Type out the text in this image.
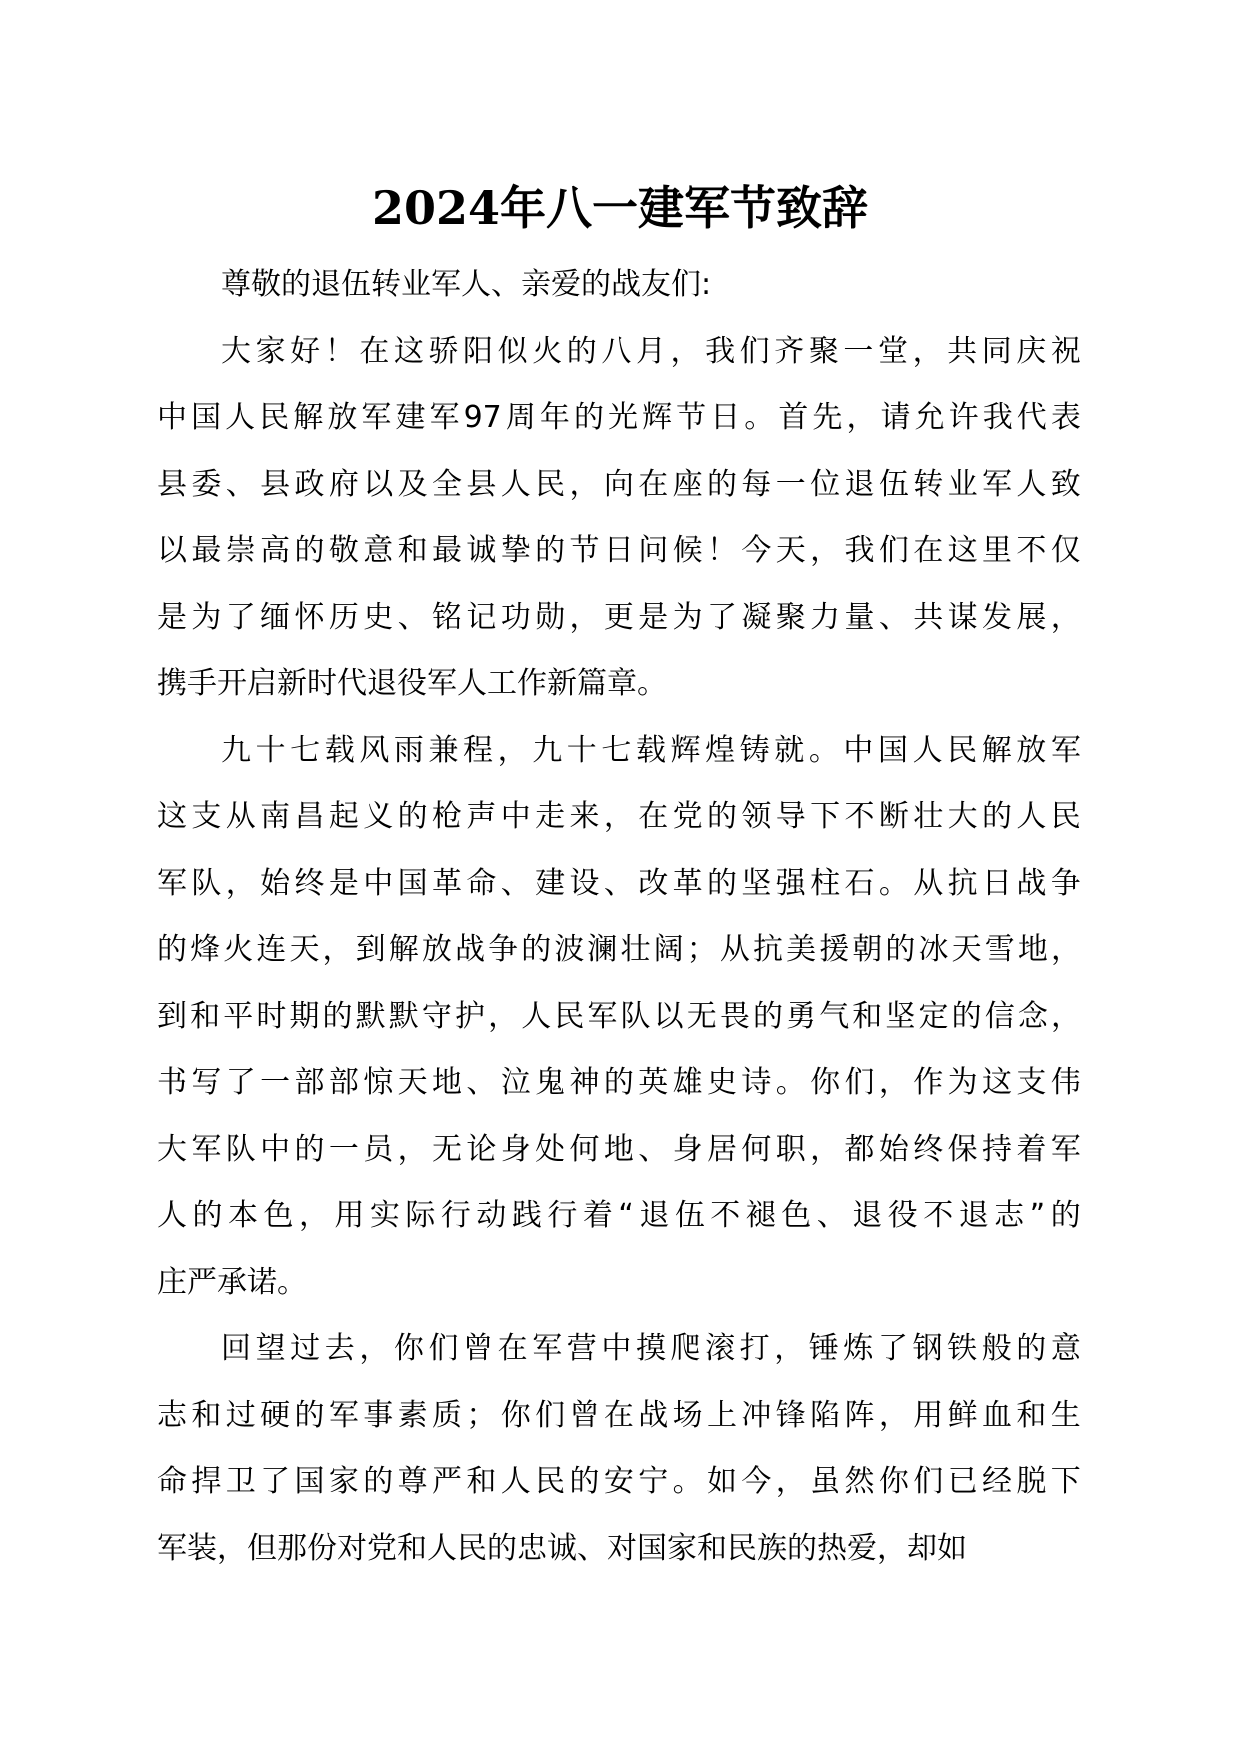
2024年八一建军节致辞
尊敬的退伍转业军人、亲爱的战友们:
大 家 好 ！ 在 这 骄 阳 似 火 的 八 月 ， 我 们 齐 聚 一 堂 ， 共 同 庆 祝
中 国 人 民 解 放 军 建 军 97 周 年 的 光 辉 节 日 。 首 先 ， 请 允 许 我 代 表
县 委 、 县 政 府 以 及 全 县 人 民 ， 向 在 座 的 每 一 位 退 伍 转 业 军 人 致
以 最 崇 高 的 敬 意 和 最 诚 挚 的 节 日 问 候 ！ 今 天 ， 我 们 在 这 里 不 仅
是 为 了 缅 怀 历 史 、 铭 记 功 勋 ， 更 是 为 了 凝 聚 力 量 、 共 谋 发 展 ，
携手开启新时代退役军人工作新篇章。
九 十 七 载 风 雨 兼 程 ， 九 十 七 载 辉 煌 铸 就 。 中 国 人 民 解 放 军
这 支 从 南 昌 起 义 的 枪 声 中 走 来 ， 在 党 的 领 导 下 不 断 壮 大 的 人 民
军 队 ， 始 终 是 中 国 革 命 、 建 设 、 改 革 的 坚 强 柱 石 。 从 抗 日 战 争
的 烽 火 连 天 ， 到 解 放 战 争 的 波 澜 壮 阔 ； 从 抗 美 援 朝 的 冰 天 雪 地 ，
到 和 平 时 期 的 默 默 守 护 ， 人 民 军 队 以 无 畏 的 勇 气 和 坚 定 的 信 念 ，
书 写 了 一 部 部 惊 天 地 、 泣 鬼 神 的 英 雄 史 诗 。 你 们 ， 作 为 这 支 伟
大 军 队 中 的 一 员 ， 无 论 身 处 何 地 、 身 居 何 职 ， 都 始 终 保 持 着 军
人 的 本 色 ， 用 实 际 行 动 践 行 着 “ 退 伍 不 褪 色 、 退 役 不 退 志 ” 的
庄严承诺。
回 望 过 去 ， 你 们 曾 在 军 营 中 摸 爬 滚 打 ， 锤 炼 了 钢 铁 般 的 意
志 和 过 硬 的 军 事 素 质 ； 你 们 曾 在 战 场 上 冲 锋 陷 阵 ， 用 鲜 血 和 生
命 捍 卫 了 国 家 的 尊 严 和 人 民 的 安 宁 。 如 今 ， 虽 然 你 们 已 经 脱 下
军装，但那份对党和人民的忠诚、对国家和民族的热爱，却如
